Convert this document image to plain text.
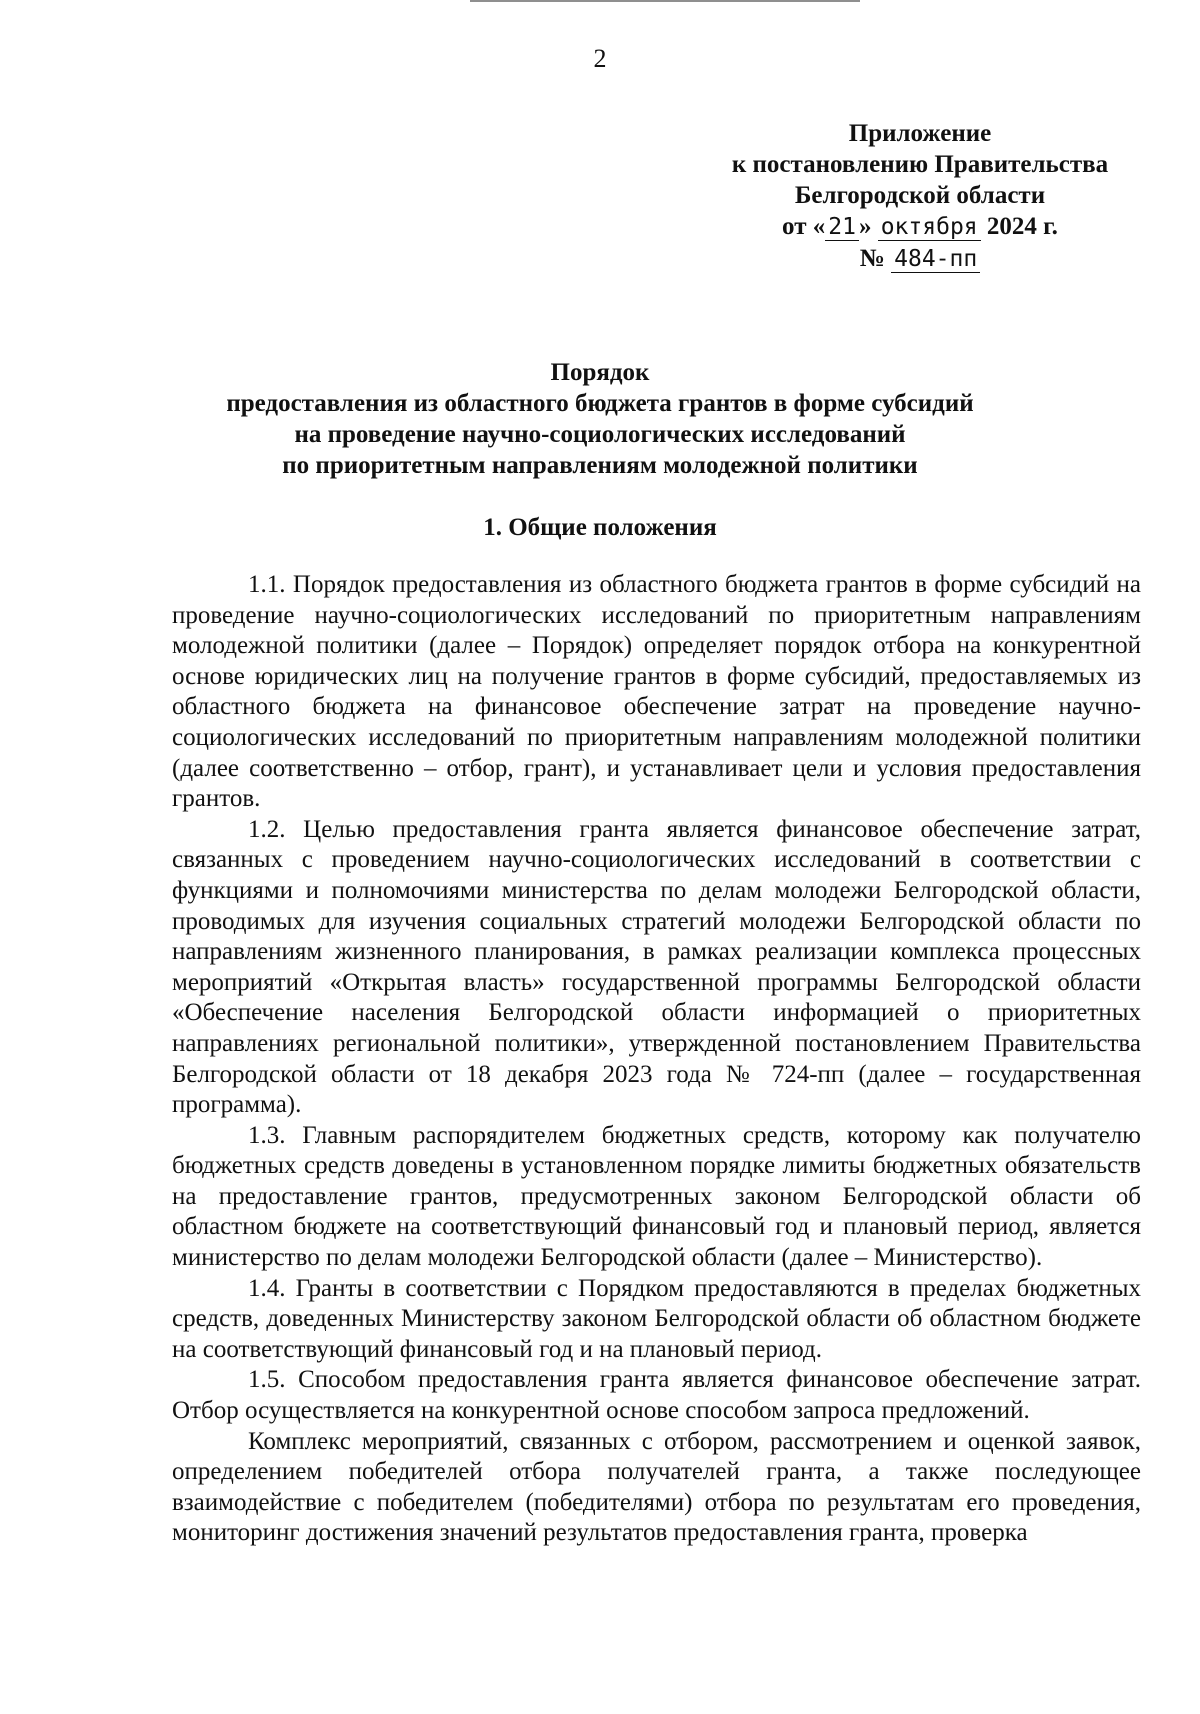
2
Приложение
к постановлению Правительства
Белгородской области
от « 21 » октября 2024 г.
№ 484-пп
Порядок
предоставления из областного бюджета грантов в форме субсидий
на проведение научно-социологических исследований
по приоритетным направлениям молодежной политики
1. Общие положения

1.1. Порядок предоставления из областного бюджета грантов в форме субсидий на проведение научно-социологических исследований по приоритетным направлениям молодежной политики (далее – Порядок) определяет порядок отбора на конкурентной основе юридических лиц на получение грантов в форме субсидий, предоставляемых из областного бюджета на финансовое обеспечение затрат на проведение научно-социологических исследований по приоритетным направлениям молодежной политики (далее соответственно – отбор, грант), и устанавливает цели и условия предоставления грантов.

1.2. Целью предоставления гранта является финансовое обеспечение затрат, связанных с проведением научно-социологических исследований в соответствии с функциями и полномочиями министерства по делам молодежи Белгородской области, проводимых для изучения социальных стратегий молодежи Белгородской области по направлениям жизненного планирования, в рамках реализации комплекса процессных мероприятий «Открытая власть» государственной программы Белгородской области «Обеспечение населения Белгородской области информацией о приоритетных направлениях региональной политики», утвержденной постановлением Правительства Белгородской области от 18 декабря 2023 года № 724-пп (далее – государственная программа).

1.3. Главным распорядителем бюджетных средств, которому как получателю бюджетных средств доведены в установленном порядке лимиты бюджетных обязательств на предоставление грантов, предусмотренных законом Белгородской области об областном бюджете на соответствующий финансовый год и плановый период, является министерство по делам молодежи Белгородской области (далее – Министерство).

1.4. Гранты в соответствии с Порядком предоставляются в пределах бюджетных средств, доведенных Министерству законом Белгородской области об областном бюджете на соответствующий финансовый год и на плановый период.

1.5. Способом предоставления гранта является финансовое обеспечение затрат. Отбор осуществляется на конкурентной основе способом запроса предложений.

Комплекс мероприятий, связанных с отбором, рассмотрением и оценкой заявок, определением победителей отбора получателей гранта, а также последующее взаимодействие с победителем (победителями) отбора по результатам его проведения, мониторинг достижения значений результатов предоставления гранта, проверка
